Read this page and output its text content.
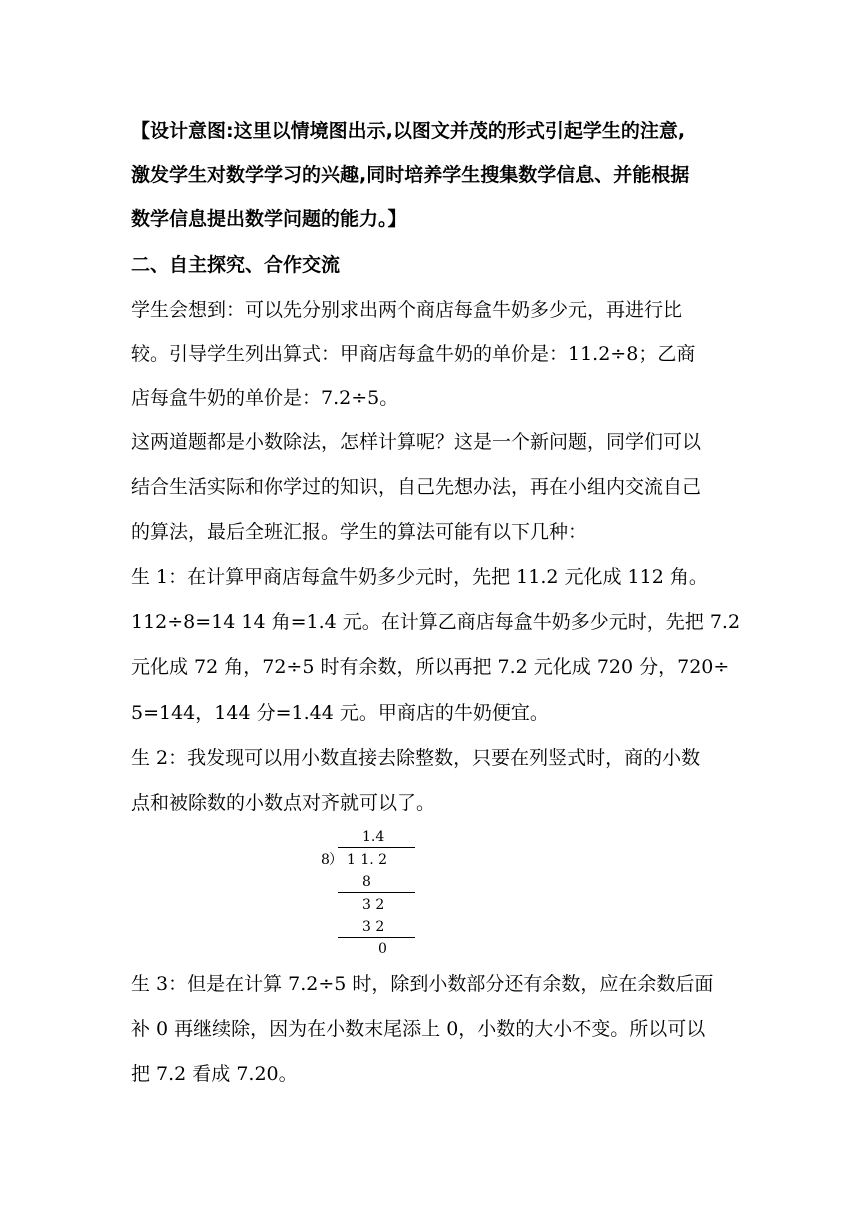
【设计意图:这里以情境图出示,以图文并茂的形式引起学生的注意,
激发学生对数学学习的兴趣,同时培养学生搜集数学信息、并能根据
数学信息提出数学问题的能力。】
二、自主探究、合作交流
学生会想到：可以先分别求出两个商店每盒牛奶多少元，再进行比
较。引导学生列出算式：甲商店每盒牛奶的单价是：11.2÷8；乙商
店每盒牛奶的单价是：7.2÷5。
这两道题都是小数除法，怎样计算呢？这是一个新问题，同学们可以
结合生活实际和你学过的知识，自己先想办法，再在小组内交流自己
的算法，最后全班汇报。学生的算法可能有以下几种：
生 1：在计算甲商店每盒牛奶多少元时，先把 11.2 元化成 112 角。
112÷8=14 14 角=1.4 元。在计算乙商店每盒牛奶多少元时，先把 7.2
元化成 72 角，72÷5 时有余数，所以再把 7.2 元化成 720 分，720÷
5=144，144 分=1.44 元。甲商店的牛奶便宜。
生 2：我发现可以用小数直接去除整数，只要在列竖式时，商的小数
点和被除数的小数点对齐就可以了。
1.4
8 ） 1 1. 2
8
3 2
3 2
0
生 3：但是在计算 7.2÷5 时，除到小数部分还有余数，应在余数后面
补 0 再继续除，因为在小数末尾添上 0，小数的大小不变。所以可以
把 7.2 看成 7.20。
